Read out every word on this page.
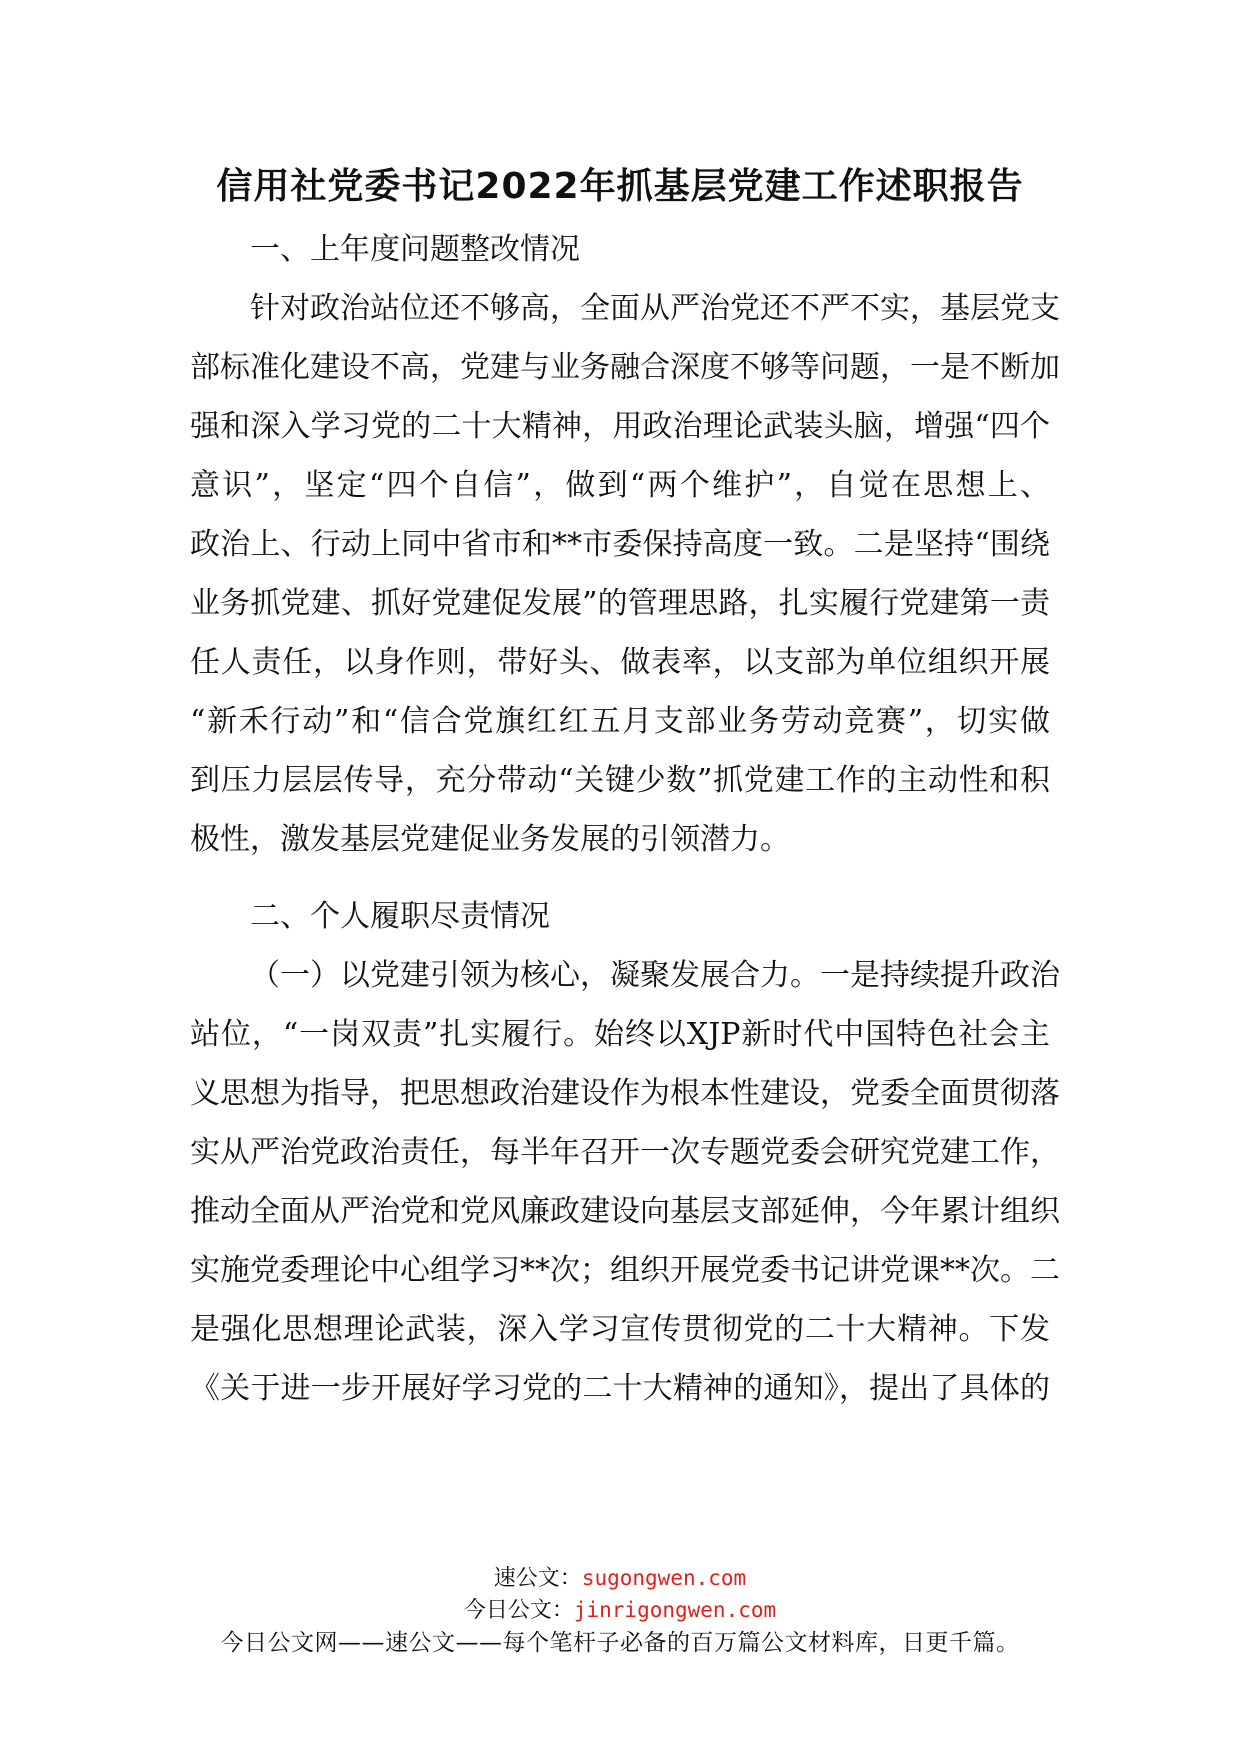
信用社党委书记2022年抓基层党建工作述职报告
一、上年度问题整改情况
针对政治站位还不够高，全面从严治党还不严不实，基层党支
部标准化建设不高，党建与业务融合深度不够等问题，一是不断加
强和深入学习党的二十大精神，用政治理论武装头脑，增强“四个
意识”，坚定“四个自信”，做到“两个维护”，自觉在思想上、
政治上、行动上同中省市和**市委保持高度一致。二是坚持“围绕
业务抓党建、抓好党建促发展”的管理思路，扎实履行党建第一责
任人责任，以身作则，带好头、做表率，以支部为单位组织开展
“新禾行动”和“信合党旗红红五月支部业务劳动竞赛”，切实做
到压力层层传导，充分带动“关键少数”抓党建工作的主动性和积
极性，激发基层党建促业务发展的引领潜力。
二、个人履职尽责情况
（一）以党建引领为核心，凝聚发展合力。一是持续提升政治
站位，“一岗双责”扎实履行。始终以XJP新时代中国特色社会主
义思想为指导，把思想政治建设作为根本性建设，党委全面贯彻落
实从严治党政治责任，每半年召开一次专题党委会研究党建工作，
推动全面从严治党和党风廉政建设向基层支部延伸，今年累计组织
实施党委理论中心组学习**次；组织开展党委书记讲党课**次。二
是强化思想理论武装，深入学习宣传贯彻党的二十大精神。下发
《关于进一步开展好学习党的二十大精神的通知》，提出了具体的
速公文：sugongwen.com
今日公文：jinrigongwen.com
今日公文网——速公文——每个笔杆子必备的百万篇公文材料库，日更千篇。
